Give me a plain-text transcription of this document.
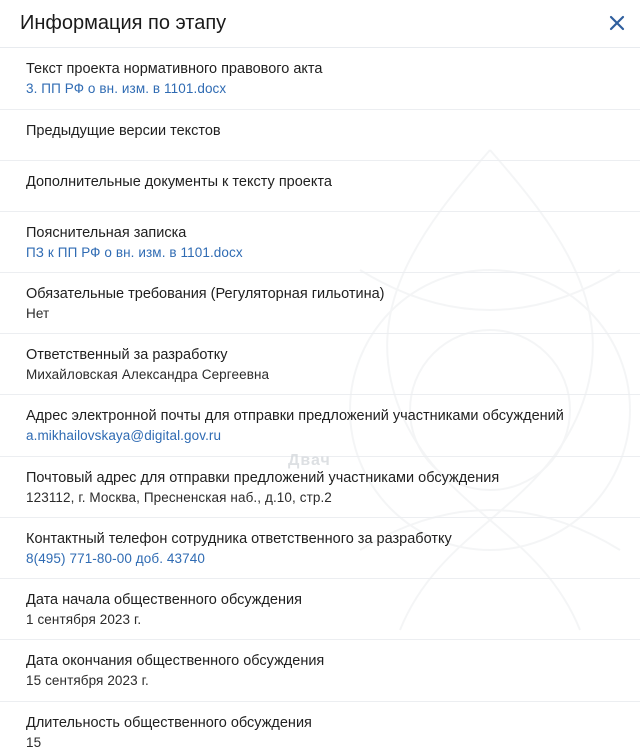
Информация по этапу
Текст проекта нормативного правового акта
3. ПП РФ о вн. изм. в 1101.docx
Предыдущие версии текстов
Дополнительные документы к тексту проекта
Пояснительная записка
ПЗ к ПП РФ о вн. изм. в 1101.docx
Обязательные требования (Регуляторная гильотина)
Нет
Ответственный за разработку
Михайловская Александра Сергеевна
Адрес электронной почты для отправки предложений участниками обсуждений
a.mikhailovskaya@digital.gov.ru
Почтовый адрес для отправки предложений участниками обсуждения
123112, г. Москва, Пресненская наб., д.10, стр.2
Контактный телефон сотрудника ответственного за разработку
8(495) 771-80-00 доб. 43740
Дата начала общественного обсуждения
1 сентября 2023 г.
Дата окончания общественного обсуждения
15 сентября 2023 г.
Длительность общественного обсуждения
15
Двач
